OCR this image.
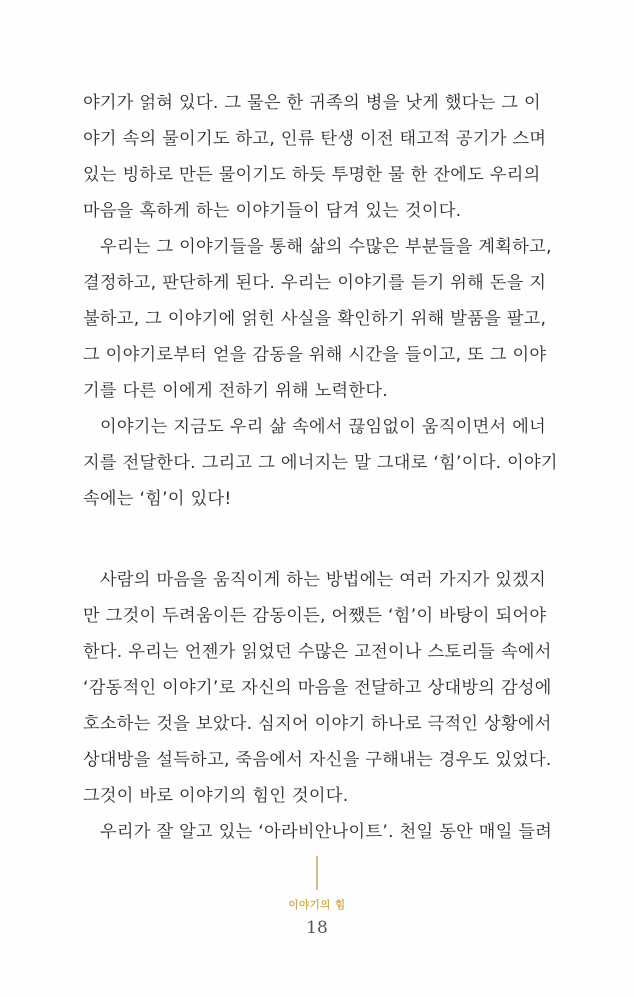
야기가 얽혀 있다. 그 물은 한 귀족의 병을 낫게 했다는 그 이
야기 속의 물이기도 하고, 인류 탄생 이전 태고적 공기가 스며
있는 빙하로 만든 물이기도 하듯 투명한 물 한 잔에도 우리의
마음을 혹하게 하는 이야기들이 담겨 있는 것이다.
우리는 그 이야기들을 통해 삶의 수많은 부분들을 계획하고,
결정하고, 판단하게 된다. 우리는 이야기를 듣기 위해 돈을 지
불하고, 그 이야기에 얽힌 사실을 확인하기 위해 발품을 팔고,
그 이야기로부터 얻을 감동을 위해 시간을 들이고, 또 그 이야
기를 다른 이에게 전하기 위해 노력한다.
이야기는 지금도 우리 삶 속에서 끊임없이 움직이면서 에너
지를 전달한다. 그리고 그 에너지는 말 그대로 ‘힘’이다. 이야기
속에는 ‘힘’이 있다!
사람의 마음을 움직이게 하는 방법에는 여러 가지가 있겠지
만 그것이 두려움이든 감동이든, 어쨌든 ‘힘’이 바탕이 되어야
한다. 우리는 언젠가 읽었던 수많은 고전이나 스토리들 속에서
‘감동적인 이야기’로 자신의 마음을 전달하고 상대방의 감성에
호소하는 것을 보았다. 심지어 이야기 하나로 극적인 상황에서
상대방을 설득하고, 죽음에서 자신을 구해내는 경우도 있었다.
그것이 바로 이야기의 힘인 것이다.
우리가 잘 알고 있는 ‘아라비안나이트’. 천일 동안 매일 들려
이야기의 힘
18
